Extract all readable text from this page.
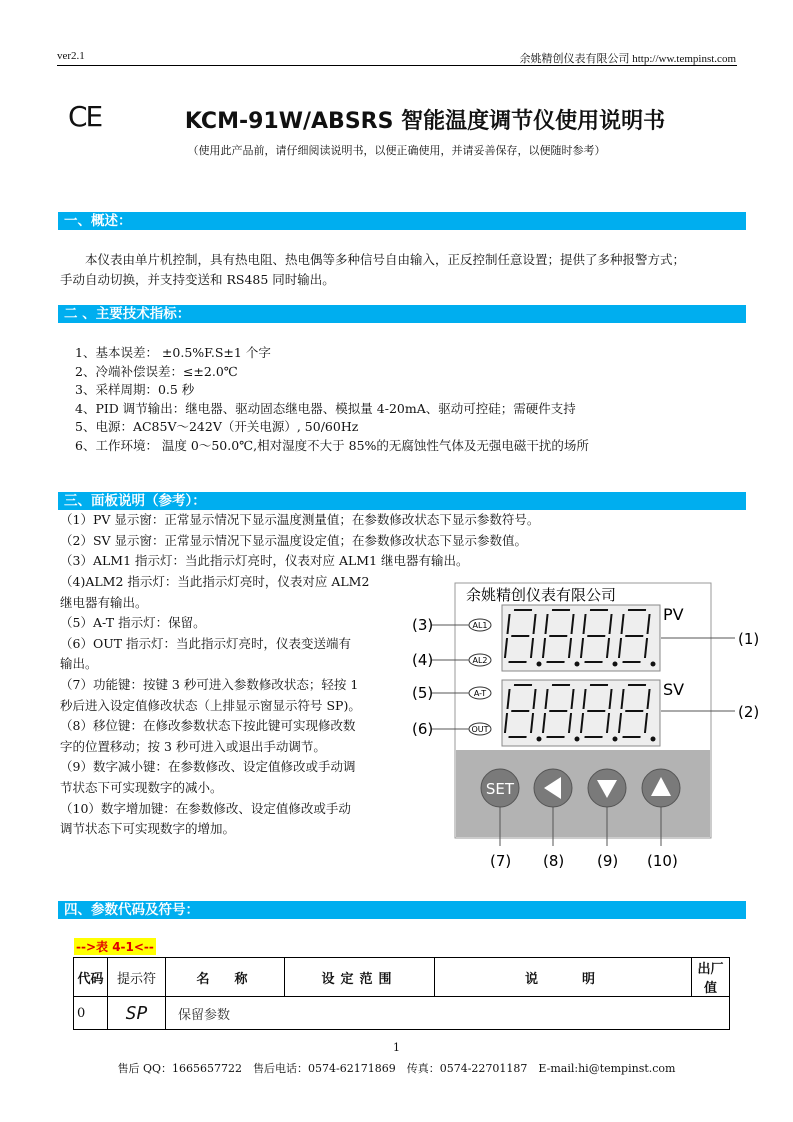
ver2.1	余姚精创仪表有限公司 http://ww.tempinst.com
CE	KCM-91W/ABSRS 智能温度调节仪使用说明书
（使用此产品前，请仔细阅读说明书，以便正确使用，并请妥善保存，以便随时参考）
一、概述：
　　本仪表由单片机控制，具有热电阻、热电偶等多种信号自由输入，正反控制任意设置；提供了多种报警方式；
手动自动切换，并支持变送和 RS485 同时输出。
二 、主要技术指标：
1、基本误差： ±0.5%F.S±1 个字
2、冷端补偿误差：≤±2.0℃
3、采样周期：0.5 秒
4、PID 调节输出：继电器、驱动固态继电器、模拟量 4-20mA、驱动可控硅；需硬件支持
5、电源：AC85V～242V（开关电源）, 50/60Hz
6、工作环境： 温度 0～50.0℃,相对湿度不大于 85%的无腐蚀性气体及无强电磁干扰的场所
三、面板说明（参考）：
（1）PV 显示窗：正常显示情况下显示温度测量值；在参数修改状态下显示参数符号。
（2）SV 显示窗：正常显示情况下显示温度设定值；在参数修改状态下显示参数值。
（3）ALM1 指示灯：当此指示灯亮时，仪表对应 ALM1 继电器有输出。
（4)ALM2 指示灯：当此指示灯亮时，仪表对应 ALM2
继电器有输出。
（5）A-T 指示灯：保留。
（6）OUT 指示灯：当此指示灯亮时，仪表变送端有
输出。
（7）功能键：按键 3 秒可进入参数修改状态；轻按 1
秒后进入设定值修改状态（上排显示窗显示符号 SP)。
（8）移位键：在修改参数状态下按此键可实现修改数
字的位置移动；按 3 秒可进入或退出手动调节。
（9）数字减小键：在参数修改、设定值修改或手动调
节状态下可实现数字的减小。
（10）数字增加键：在参数修改、设定值修改或手动
调节状态下可实现数字的增加。
余姚精创仪表有限公司
PV
SV
AL1
AL2
A-T
OUT
SET
(1)
(2)
(3)
(4)
(5)
(6)
(7) (8) (9) (10)
四、参数代码及符号：
-->表 4-1<--
代码	提示符	名　称	设定范围	说　　明	出厂值
0	SP	保留参数			
1
售后 QQ：1665657722　售后电话：0574-62171869　传真：0574-22701187　E-mail:hi@tempinst.com
